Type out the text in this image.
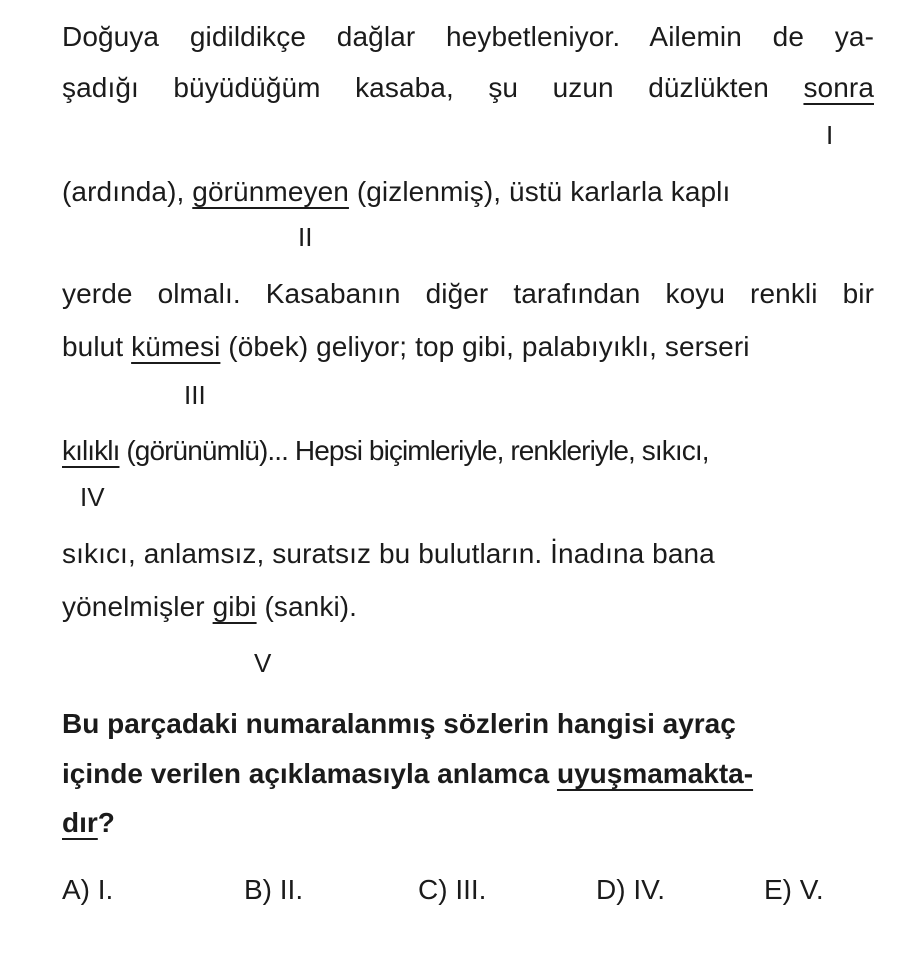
Doğuya gidildikçe dağlar heybetleniyor. Ailemin de ya-
şadığı büyüdüğüm kasaba, şu uzun düzlükten sonra
I
(ardında), görünmeyen (gizlenmiş), üstü karlarla kaplı
II
yerde olmalı. Kasabanın diğer tarafından koyu renkli bir
bulut kümesi (öbek) geliyor; top gibi, palabıyıklı, serseri
III
kılıklı (görünümlü)... Hepsi biçimleriyle, renkleriyle, sıkıcı,
IV
sıkıcı, anlamsız, suratsız bu bulutların. İnadına bana
yönelmişler gibi (sanki).
V
Bu parçadaki numaralanmış sözlerin hangisi ayraç
içinde verilen açıklamasıyla anlamca uyuşmamakta-
dır?
A) I.	B) II.	C) III.	D) IV.	E) V.
